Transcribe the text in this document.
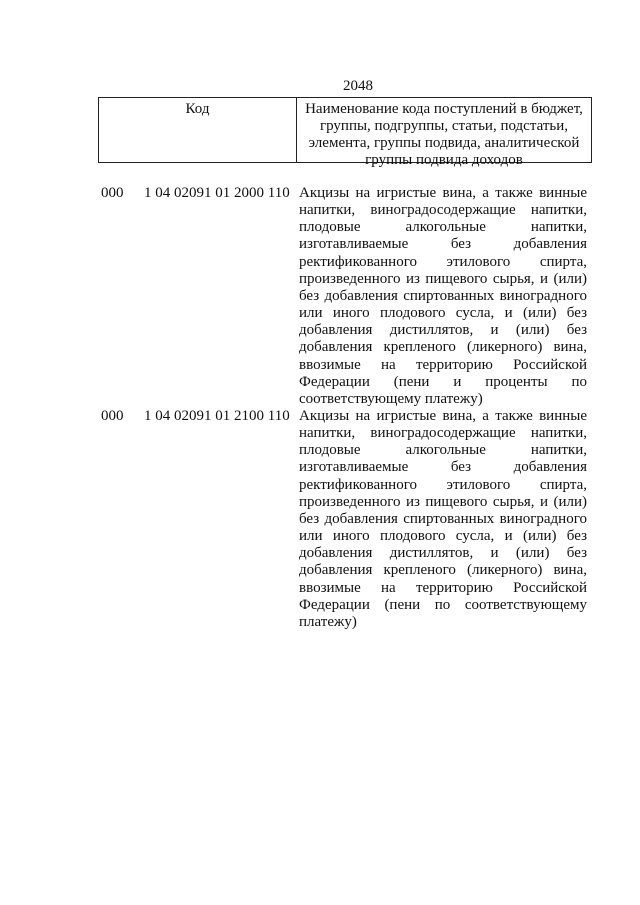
2048
Код	Наименование кода поступлений в бюджет, группы, подгруппы, статьи, подстатьи, элемента, группы подвида, аналитической группы подвида доходов
000 1 04 02091 01 2000 110 Акцизы на игристые вина, а также винные напитки, виноградосодержащие напитки, плодовые алкогольные напитки, изготавливаемые без добавления ректификованного этилового спирта, произведенного из пищевого сырья, и (или) без добавления спиртованных виноградного или иного плодового сусла, и (или) без добавления дистиллятов, и (или) без добавления крепленого (ликерного) вина, ввозимые на территорию Российской Федерации (пени и проценты по соответствующему платежу)

000 1 04 02091 01 2100 110 Акцизы на игристые вина, а также винные напитки, виноградосодержащие напитки, плодовые алкогольные напитки, изготавливаемые без добавления ректификованного этилового спирта, произведенного из пищевого сырья, и (или) без добавления спиртованных виноградного или иного плодового сусла, и (или) без добавления дистиллятов, и (или) без добавления крепленого (ликерного) вина, ввозимые на территорию Российской Федерации (пени по соответствующему платежу)
